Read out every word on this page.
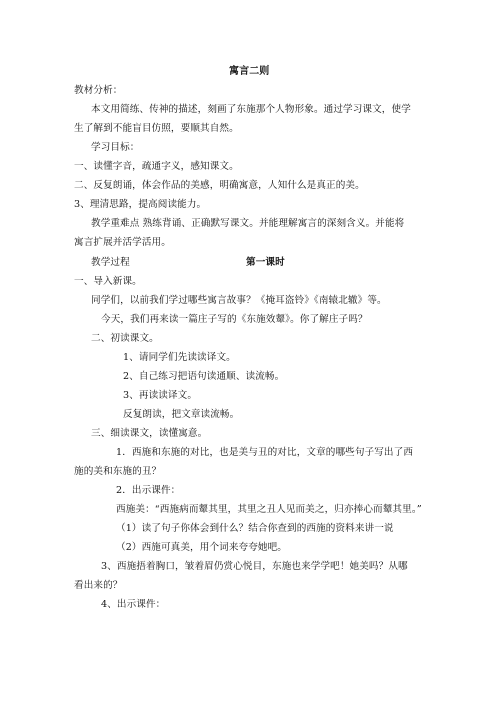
寓言二则
教材分析：
本文用简练、传神的描述，刻画了东施那个人物形象。通过学习课文，使学
生了解到不能盲目仿照，要顺其自然。
学习目标：
一、读懂字音，疏通字义，感知课文。
二、反复朗诵，体会作品的美感，明确寓意，人知什么是真正的美。
3、理清思路，提高阅读能力。
教学重难点 熟练背诵、正确默写课文。并能理解寓言的深刻含义。并能将
寓言扩展并活学活用。
教学过程	第一课时
一、导入新课。
同学们，以前我们学过哪些寓言故事？《掩耳盗铃》《南辕北辙》等。
今天，我们再来读一篇庄子写的《东施效颦》。你了解庄子吗？
二、初读课文。
1、请同学们先读读译文。
2、自己练习把语句读通顺、读流畅。
3、再读读译文。
反复朗读，把文章读流畅。
三、细读课文，读懂寓意。
1．西施和东施的对比，也是美与丑的对比，文章的哪些句子写出了西
施的美和东施的丑？
2．出示课件：
西施美：“西施病而颦其里，其里之丑人见而美之，归亦捧心而颦其里。”
（1）读了句子你体会到什么？结合你查到的西施的资料来讲一说
（2）西施可真美，用个词来夸夸她吧。
3、西施捂着胸口，皱着眉仍赏心悦目，东施也来学学吧！她美吗？从哪
看出来的？
4、出示课件：
